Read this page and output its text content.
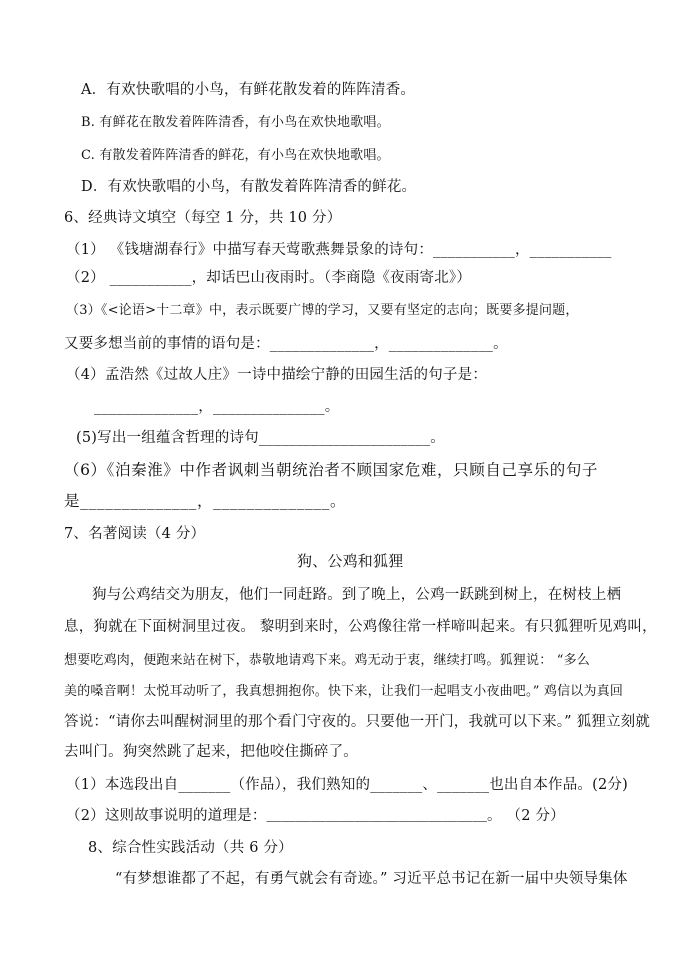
A．有欢快歌唱的小鸟，有鲜花散发着的阵阵清香。
B. 有鲜花在散发着阵阵清香，有小鸟在欢快地歌唱。
C. 有散发着阵阵清香的鲜花，有小鸟在欢快地歌唱。
D．有欢快歌唱的小鸟，有散发着阵阵清香的鲜花。
6、经典诗文填空（每空 1 分，共 10 分）
（1） 《钱塘湖春行》中描写春天莺歌燕舞景象的诗句：___________，___________
（2） ___________，却话巴山夜雨时。（李商隐《夜雨寄北》）
（3）《<论语>十二章》中，表示既要广博的学习，又要有坚定的志向；既要多提问题，
又要多想当前的事情的语句是：______________，______________。
（4）孟浩然《过故人庄》一诗中描绘宁静的田园生活的句子是：
______________，_______________。
(5)写出一组蕴含哲理的诗句_______________________。
（6）《泊秦淮》中作者讽刺当朝统治者不顾国家危难，只顾自己享乐的句子
是______________，______________。
7、名著阅读（4 分）
狗、公鸡和狐狸
狗与公鸡结交为朋友，他们一同赶路。到了晚上，公鸡一跃跳到树上，在树枝上栖
息，狗就在下面树洞里过夜。 黎明到来时，公鸡像往常一样啼叫起来。有只狐狸听见鸡叫，
想要吃鸡肉，便跑来站在树下，恭敬地请鸡下来。鸡无动于衷，继续打鸣。狐狸说： “多么
美的嗓音啊！太悦耳动听了，我真想拥抱你。快下来，让我们一起唱支小夜曲吧。” 鸡信以为真回
答说：“请你去叫醒树洞里的那个看门守夜的。只要他一开门，我就可以下来。” 狐狸立刻就
去叫门。狗突然跳了起来，把他咬住撕碎了。
（1）本选段出自_______（作品），我们熟知的_______、_______也出自本作品。(2分)
（2）这则故事说明的道理是：＿＿＿＿＿＿＿＿＿＿＿＿＿＿＿。 （2 分）
8、综合性实践活动（共 6 分）
“有梦想谁都了不起，有勇气就会有奇迹。” 习近平总书记在新一届中央领导集体
